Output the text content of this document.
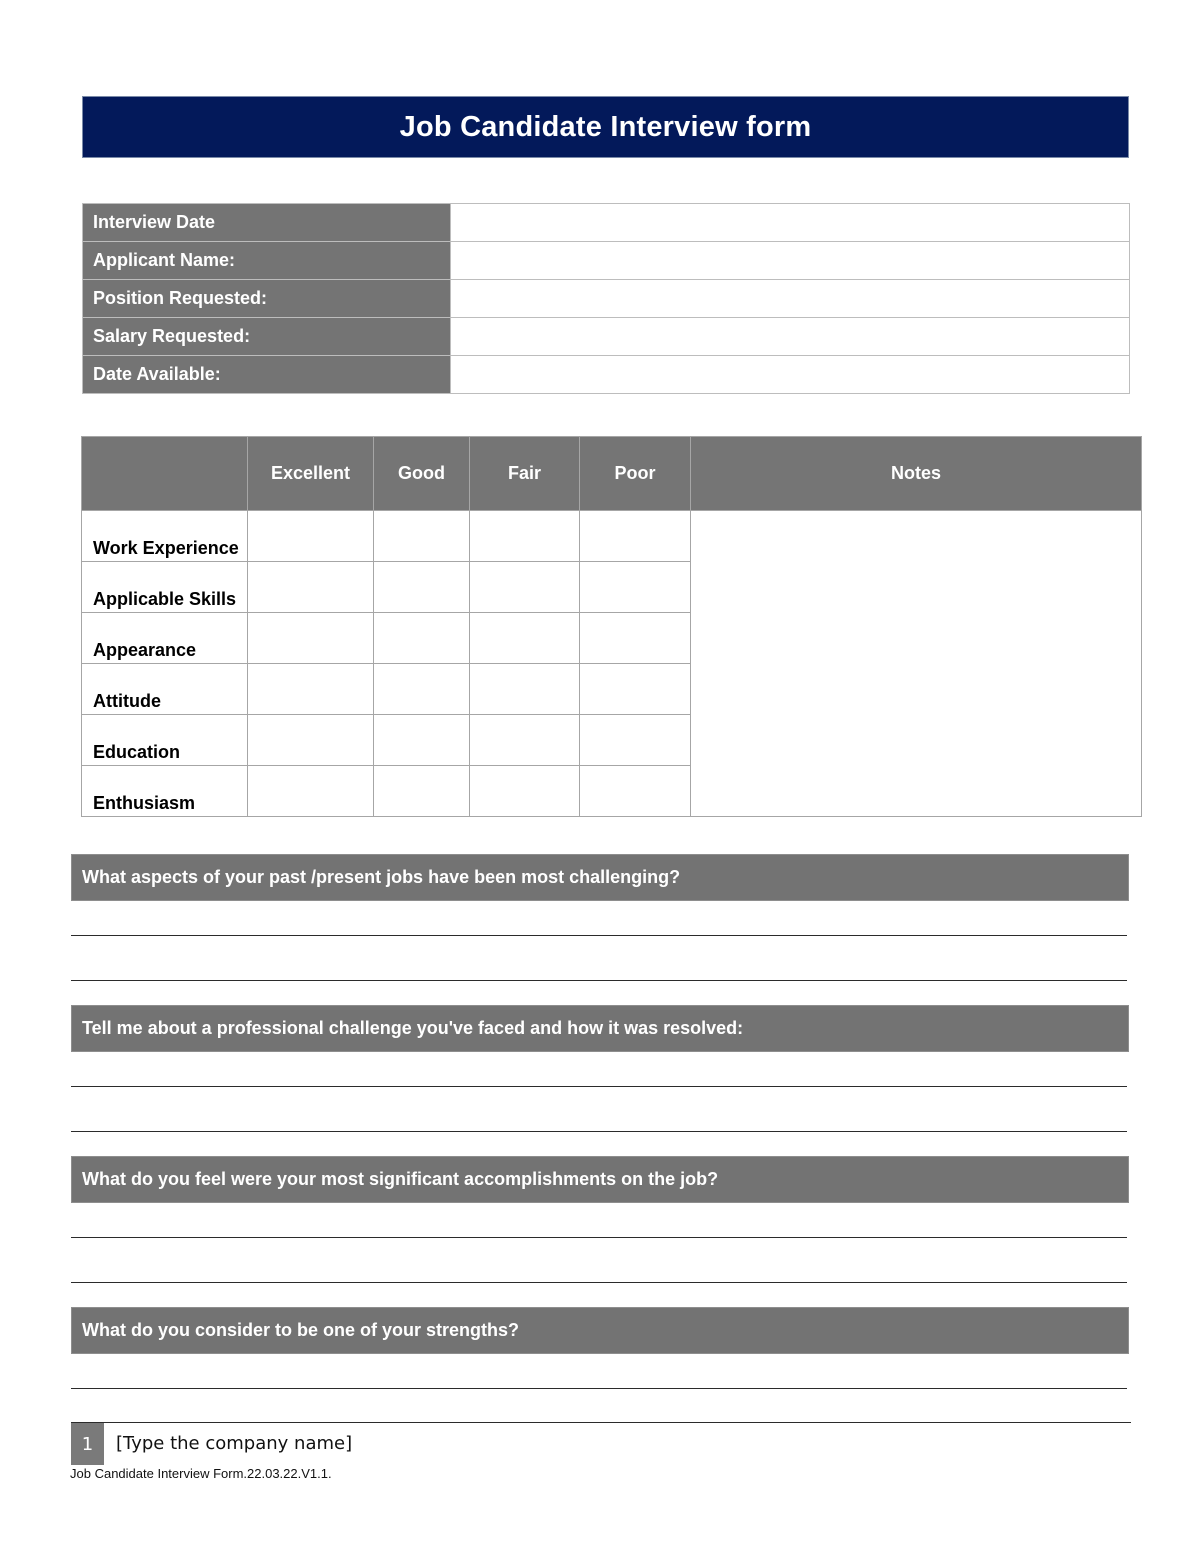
Job Candidate Interview form
Interview Date	
Applicant Name:	
Position Requested:	
Salary Requested:	
Date Available:	
	Excellent	Good	Fair	Poor	Notes
Work Experience					
Applicable Skills					
Appearance					
Attitude					
Education					
Enthusiasm					
What aspects of your past /present jobs have been most challenging?
Tell me about a professional challenge you've faced and how it was resolved:
What do you feel were your most significant accomplishments on the job?
What do you consider to be one of your strengths?
1	[Type the company name]
Job Candidate Interview Form.22.03.22.V1.1.
